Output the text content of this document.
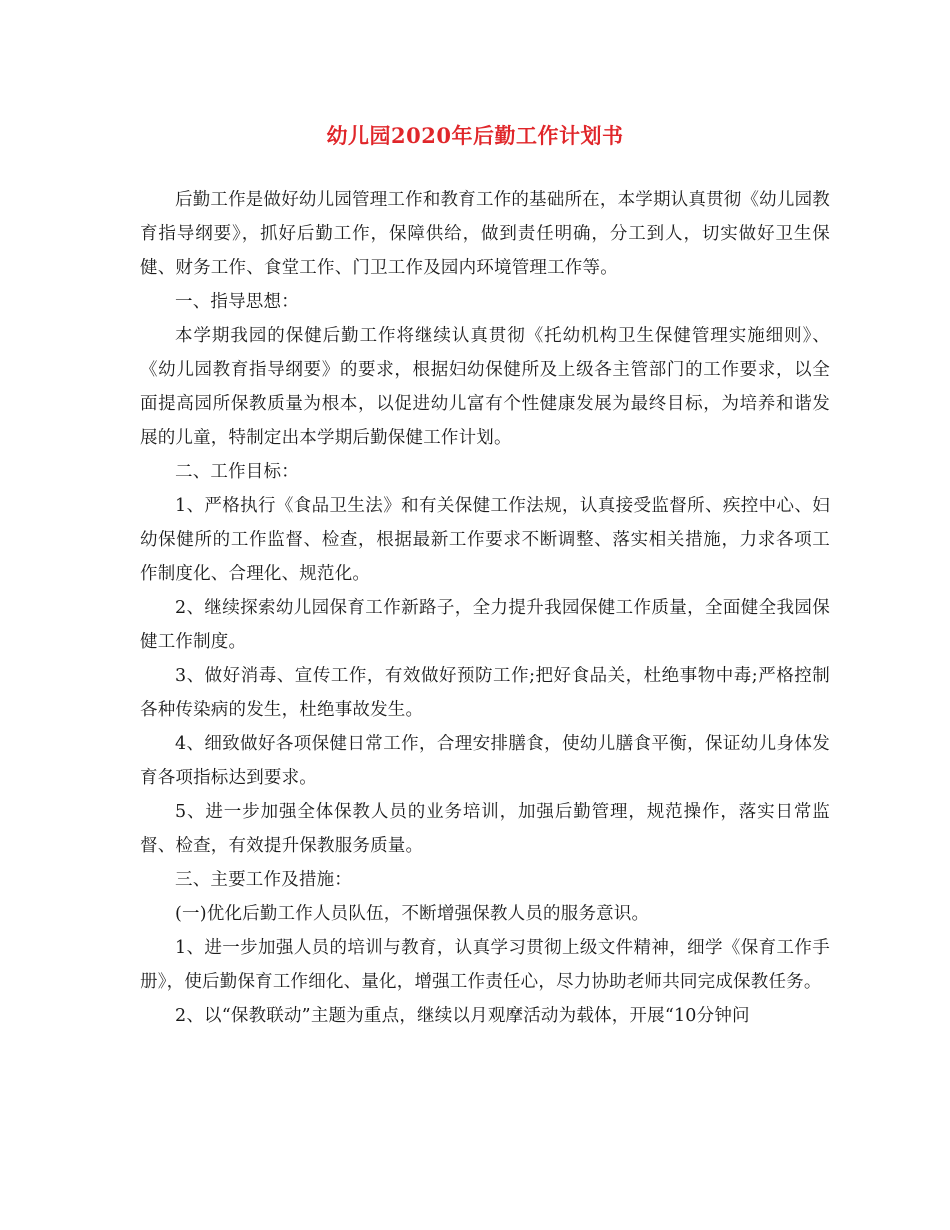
幼儿园2020年后勤工作计划书

后勤工作是做好幼儿园管理工作和教育工作的基础所在，本学期认真贯彻《幼儿园教育指导纲要》，抓好后勤工作，保障供给，做到责任明确，分工到人，切实做好卫生保健、财务工作、食堂工作、门卫工作及园内环境管理工作等。

一、指导思想：

本学期我园的保健后勤工作将继续认真贯彻《托幼机构卫生保健管理实施细则》、《幼儿园教育指导纲要》的要求，根据妇幼保健所及上级各主管部门的工作要求，以全面提高园所保教质量为根本，以促进幼儿富有个性健康发展为最终目标，为培养和谐发展的儿童，特制定出本学期后勤保健工作计划。

二、工作目标：

1、严格执行《食品卫生法》和有关保健工作法规，认真接受监督所、疾控中心、妇幼保健所的工作监督、检查，根据最新工作要求不断调整、落实相关措施，力求各项工作制度化、合理化、规范化。

2、继续探索幼儿园保育工作新路子，全力提升我园保健工作质量，全面健全我园保健工作制度。

3、做好消毒、宣传工作，有效做好预防工作;把好食品关，杜绝事物中毒;严格控制各种传染病的发生，杜绝事故发生。

4、细致做好各项保健日常工作，合理安排膳食，使幼儿膳食平衡，保证幼儿身体发育各项指标达到要求。

5、进一步加强全体保教人员的业务培训，加强后勤管理，规范操作，落实日常监督、检查，有效提升保教服务质量。

三、主要工作及措施：

(一)优化后勤工作人员队伍，不断增强保教人员的服务意识。

1、进一步加强人员的培训与教育，认真学习贯彻上级文件精神，细学《保育工作手册》，使后勤保育工作细化、量化，增强工作责任心，尽力协助老师共同完成保教任务。

2、以“保教联动”主题为重点，继续以月观摩活动为载体，开展“10分钟问
